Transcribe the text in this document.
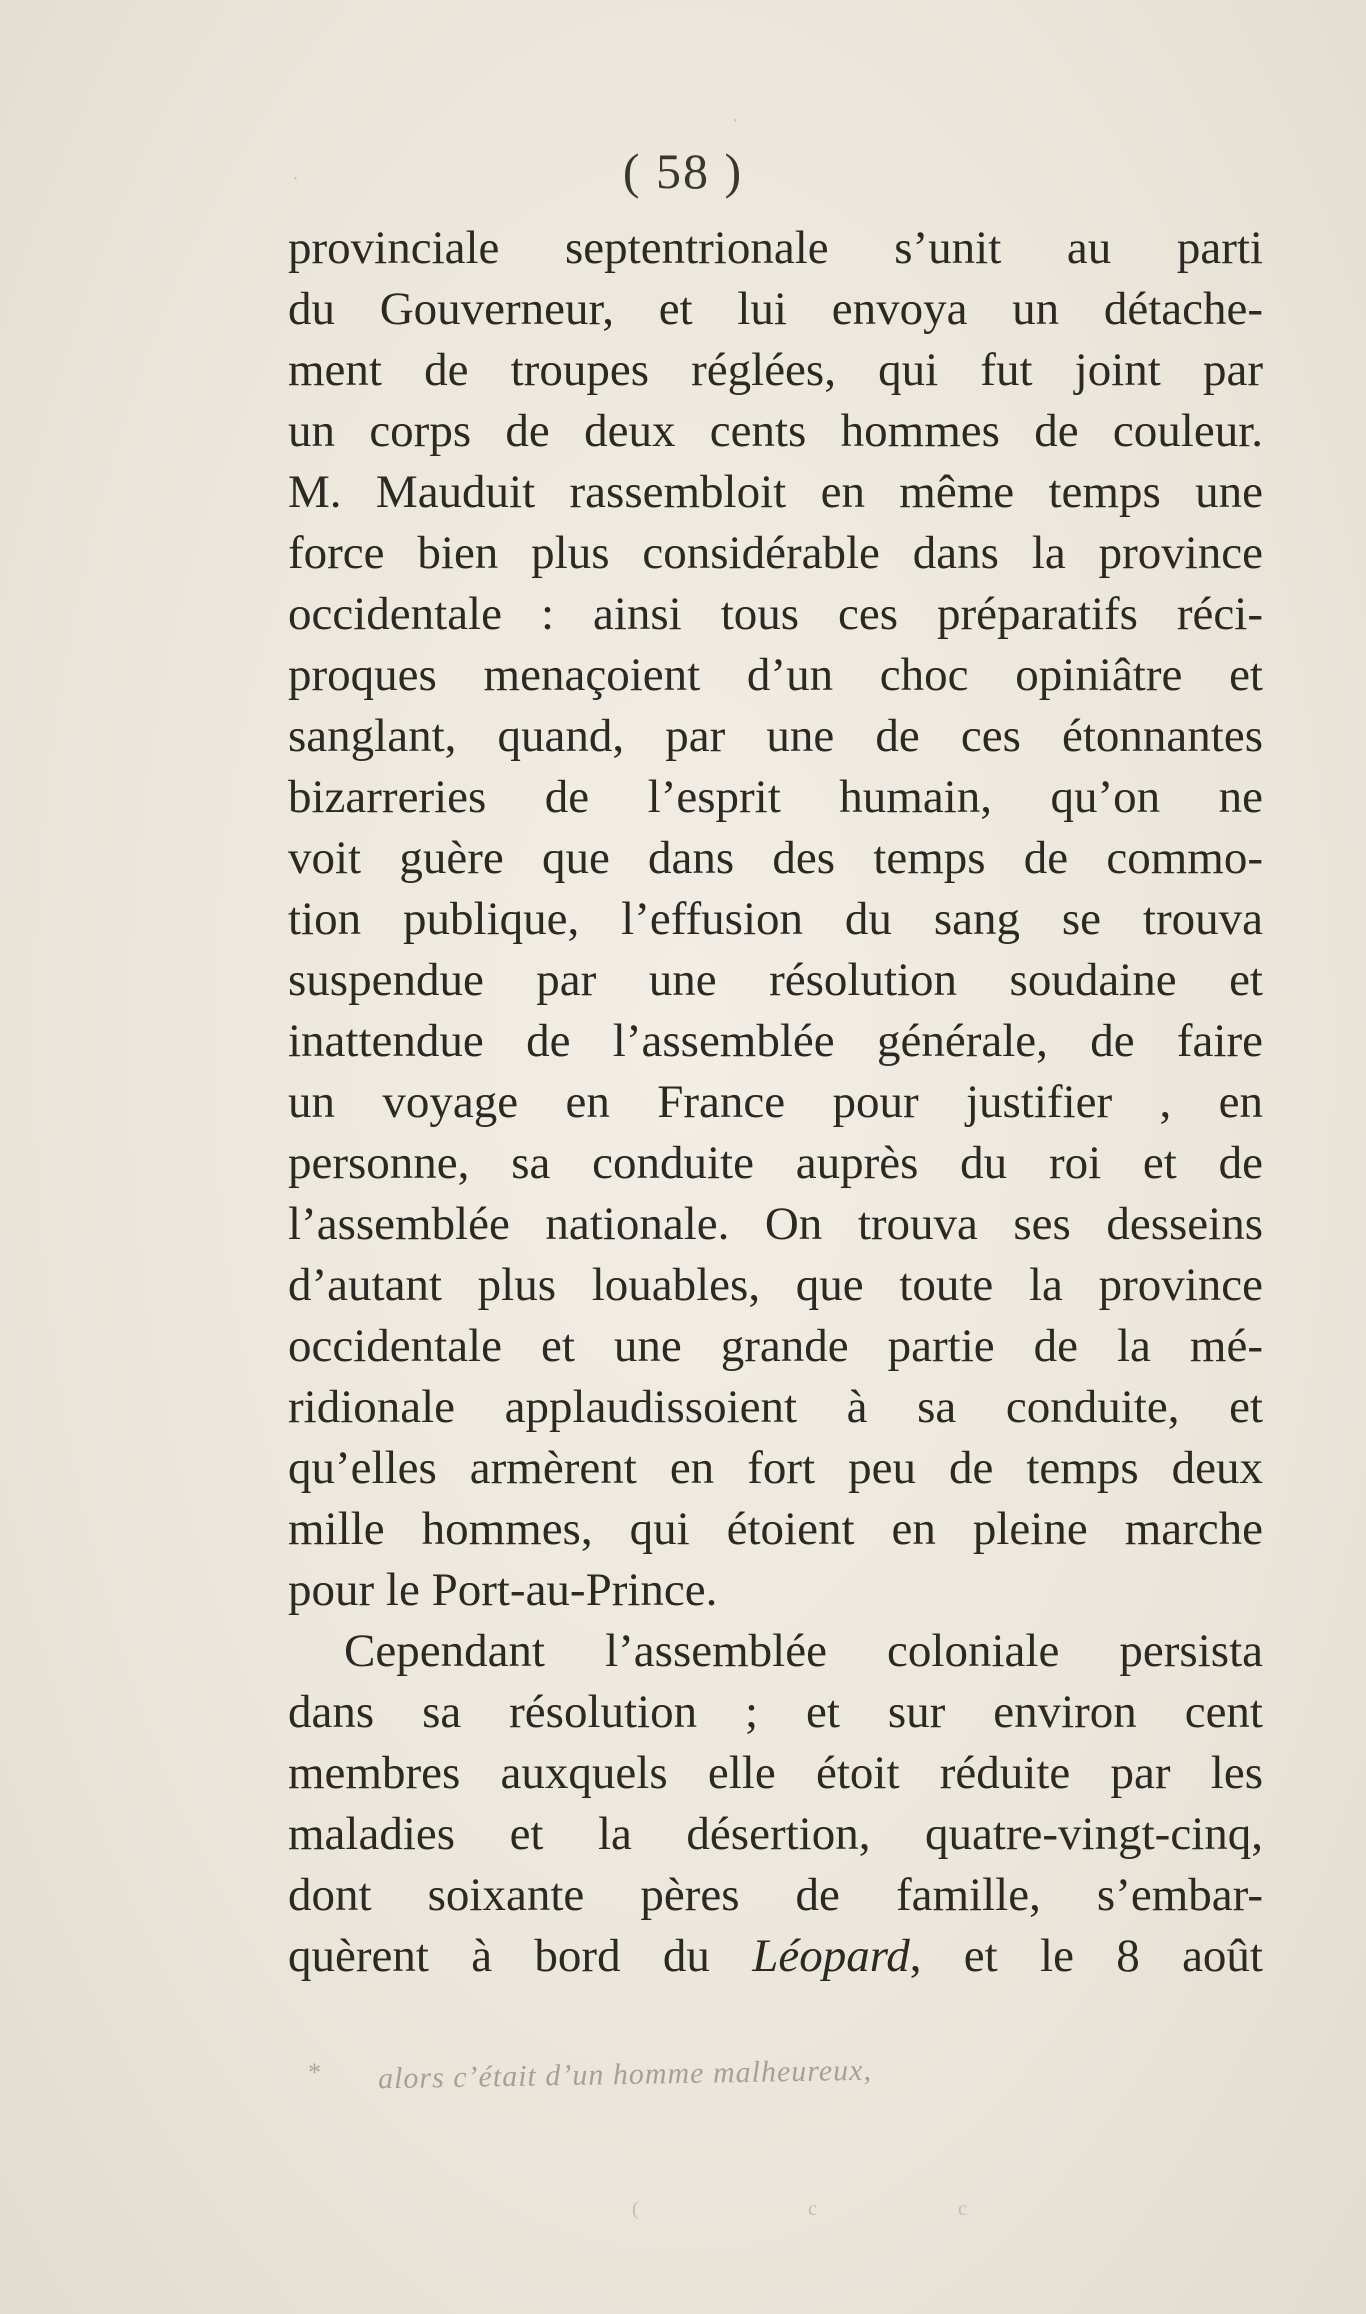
( 58 )
provinciale septentrionale s’unit au parti
du Gouverneur, et lui envoya un détache-
ment de troupes réglées, qui fut joint par
un corps de deux cents hommes de couleur.
M. Mauduit rassembloit en même temps une
force bien plus considérable dans la province
occidentale : ainsi tous ces préparatifs réci-
proques menaçoient d’un choc opiniâtre et
sanglant, quand, par une de ces étonnantes
bizarreries de l’esprit humain, qu’on ne
voit guère que dans des temps de commo-
tion publique, l’effusion du sang se trouva
suspendue par une résolution soudaine et
inattendue de l’assemblée générale, de faire
un voyage en France pour justifier , en
personne, sa conduite auprès du roi et de
l’assemblée nationale. On trouva ses desseins
d’autant plus louables, que toute la province
occidentale et une grande partie de la mé-
ridionale applaudissoient à sa conduite, et
qu’elles armèrent en fort peu de temps deux
mille hommes, qui étoient en pleine marche
pour le Port-au-Prince.
Cependant l’assemblée coloniale persista
dans sa résolution ; et sur environ cent
membres auxquels elle étoit réduite par les
maladies et la désertion, quatre-vingt-cinq,
dont soixante pères de famille, s’embar-
quèrent à bord du Léopard, et le 8 août
* alors c’était d’un homme malheureux,
·
·
(	c	c
